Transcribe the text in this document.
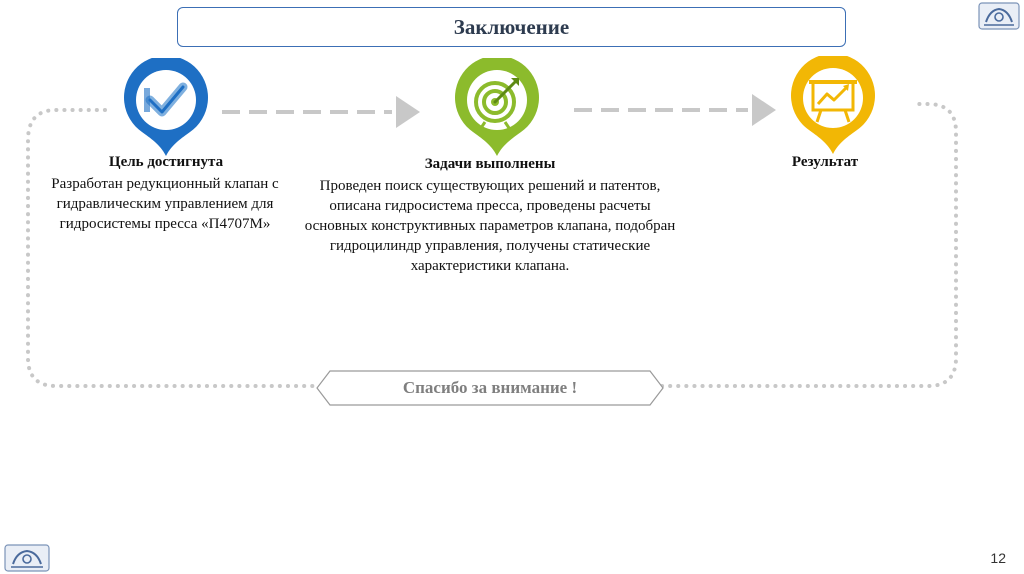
Заключение
Цель достигнута
Разработан редукционный клапан с гидравлическим управлением для гидросистемы пресса «П4707М»
Задачи выполнены
Проведен поиск существующих решений и патентов, описана гидросистема пресса, проведены расчеты основных конструктивных параметров клапана, подобран гидроцилиндр управления, получены статические характеристики клапана.
Результат
Спасибо за внимание !
12
